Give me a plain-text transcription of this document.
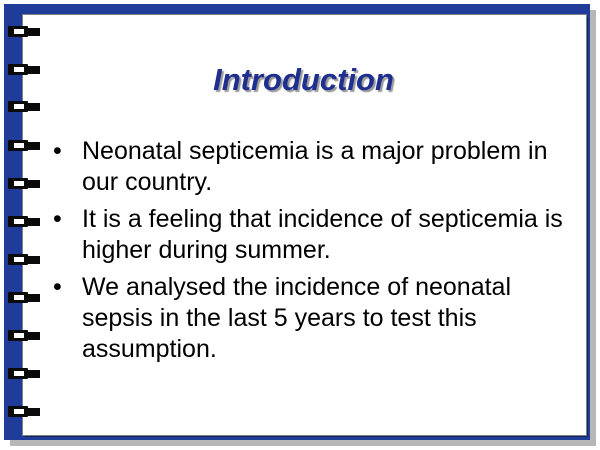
Introduction
• Neonatal septicemia is a major problem in our country.
• It is a feeling that incidence of septicemia is higher during summer.
• We analysed the incidence of neonatal sepsis in the last 5 years to test this assumption.
